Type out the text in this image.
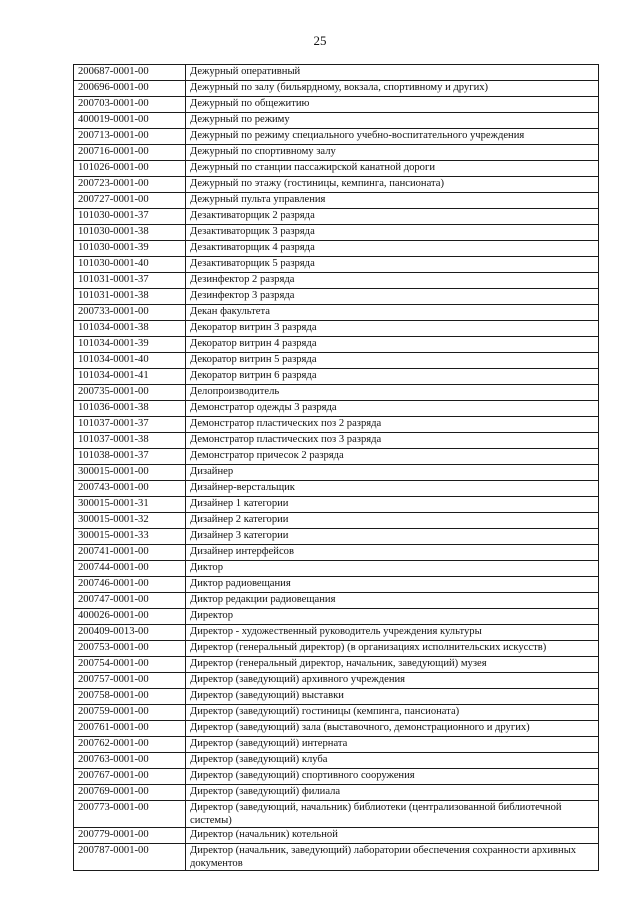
25
200687-0001-00	Дежурный оперативный
200696-0001-00	Дежурный по залу (бильярдному, вокзала, спортивному и других)
200703-0001-00	Дежурный по общежитию
400019-0001-00	Дежурный по режиму
200713-0001-00	Дежурный по режиму специального учебно-воспитательного учреждения
200716-0001-00	Дежурный по спортивному залу
101026-0001-00	Дежурный по станции пассажирской канатной дороги
200723-0001-00	Дежурный по этажу (гостиницы, кемпинга, пансионата)
200727-0001-00	Дежурный пульта управления
101030-0001-37	Дезактиваторщик 2 разряда
101030-0001-38	Дезактиваторщик 3 разряда
101030-0001-39	Дезактиваторщик 4 разряда
101030-0001-40	Дезактиваторщик 5 разряда
101031-0001-37	Дезинфектор 2 разряда
101031-0001-38	Дезинфектор 3 разряда
200733-0001-00	Декан факультета
101034-0001-38	Декоратор витрин 3 разряда
101034-0001-39	Декоратор витрин 4 разряда
101034-0001-40	Декоратор витрин 5 разряда
101034-0001-41	Декоратор витрин 6 разряда
200735-0001-00	Делопроизводитель
101036-0001-38	Демонстратор одежды 3 разряда
101037-0001-37	Демонстратор пластических поз 2 разряда
101037-0001-38	Демонстратор пластических поз 3 разряда
101038-0001-37	Демонстратор причесок 2 разряда
300015-0001-00	Дизайнер
200743-0001-00	Дизайнер-верстальщик
300015-0001-31	Дизайнер 1 категории
300015-0001-32	Дизайнер 2 категории
300015-0001-33	Дизайнер 3 категории
200741-0001-00	Дизайнер интерфейсов
200744-0001-00	Диктор
200746-0001-00	Диктор радиовещания
200747-0001-00	Диктор редакции радиовещания
400026-0001-00	Директор
200409-0013-00	Директор - художественный руководитель учреждения культуры
200753-0001-00	Директор (генеральный директор) (в организациях исполнительских искусств)
200754-0001-00	Директор (генеральный директор, начальник, заведующий) музея
200757-0001-00	Директор (заведующий) архивного учреждения
200758-0001-00	Директор (заведующий) выставки
200759-0001-00	Директор (заведующий) гостиницы (кемпинга, пансионата)
200761-0001-00	Директор (заведующий) зала (выставочного, демонстрационного и других)
200762-0001-00	Директор (заведующий) интерната
200763-0001-00	Директор (заведующий) клуба
200767-0001-00	Директор (заведующий) спортивного сооружения
200769-0001-00	Директор (заведующий) филиала
200773-0001-00	Директор (заведующий, начальник) библиотеки (централизованной библиотечной системы)
200779-0001-00	Директор (начальник) котельной
200787-0001-00	Директор (начальник, заведующий) лаборатории обеспечения сохранности архивных документов
